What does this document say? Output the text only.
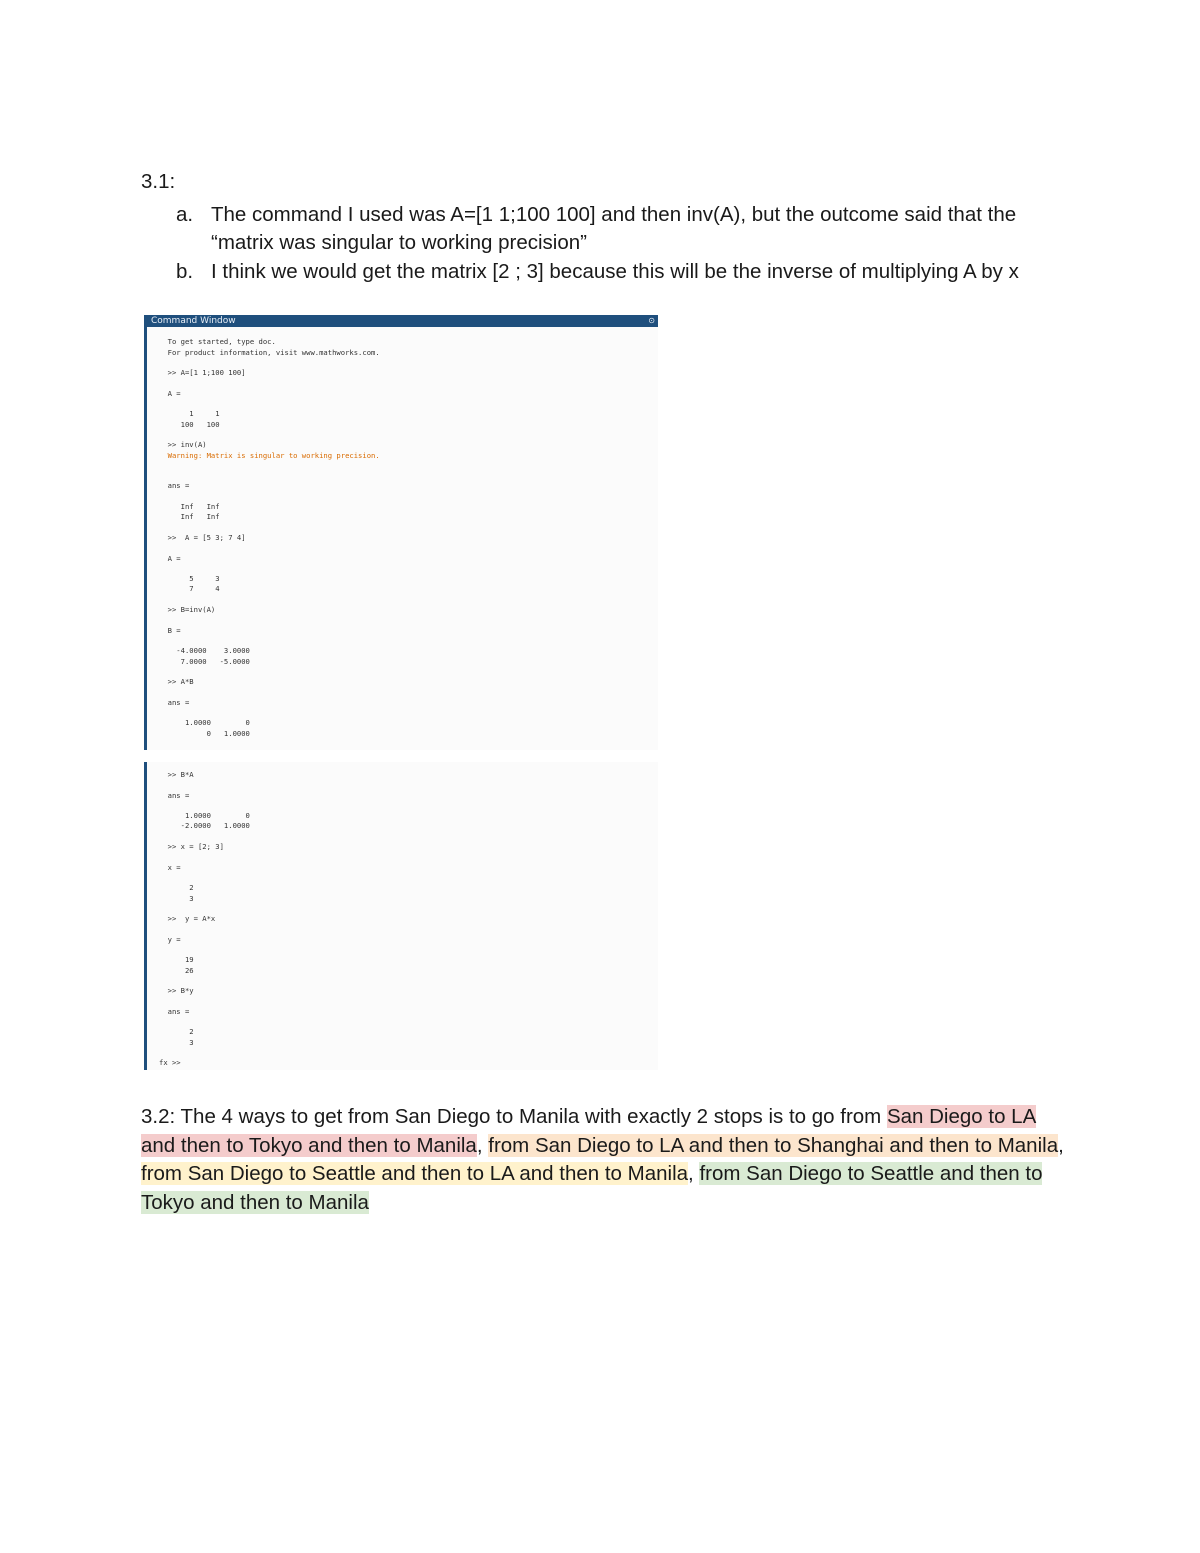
3.1:

a. The command I used was A=[1 1;100 100] and then inv(A), but the outcome said that the “matrix was singular to working precision”
b. I think we would get the matrix [2 ; 3] because this will be the inverse of multiplying A by x
Command Window	⊙

To get started, type doc.
For product information, visit www.mathworks.com.

>> A=[1 1;100 100]

A =

1     1
100   100

>> inv(A)
Warning: Matrix is singular to working precision.

ans =

Inf   Inf
Inf   Inf

>>  A = [5 3; 7 4]

A =

5     3
7     4

>> B=inv(A)

B =

-4.0000    3.0000
7.0000   -5.0000

>> A*B

ans =

1.0000        0
0   1.0000
>> B*A

ans =

1.0000        0
-2.0000   1.0000

>> x = [2; 3]

x =

2
3

>>  y = A*x

y =

19
26

>> B*y

ans =

2
3

fx >>

3.2: The 4 ways to get from San Diego to Manila with exactly 2 stops is to go from San Diego to LA and then to Tokyo and then to Manila, from San Diego to LA and then to Shanghai and then to Manila, from San Diego to Seattle and then to LA and then to Manila, from San Diego to Seattle and then to Tokyo and then to Manila
